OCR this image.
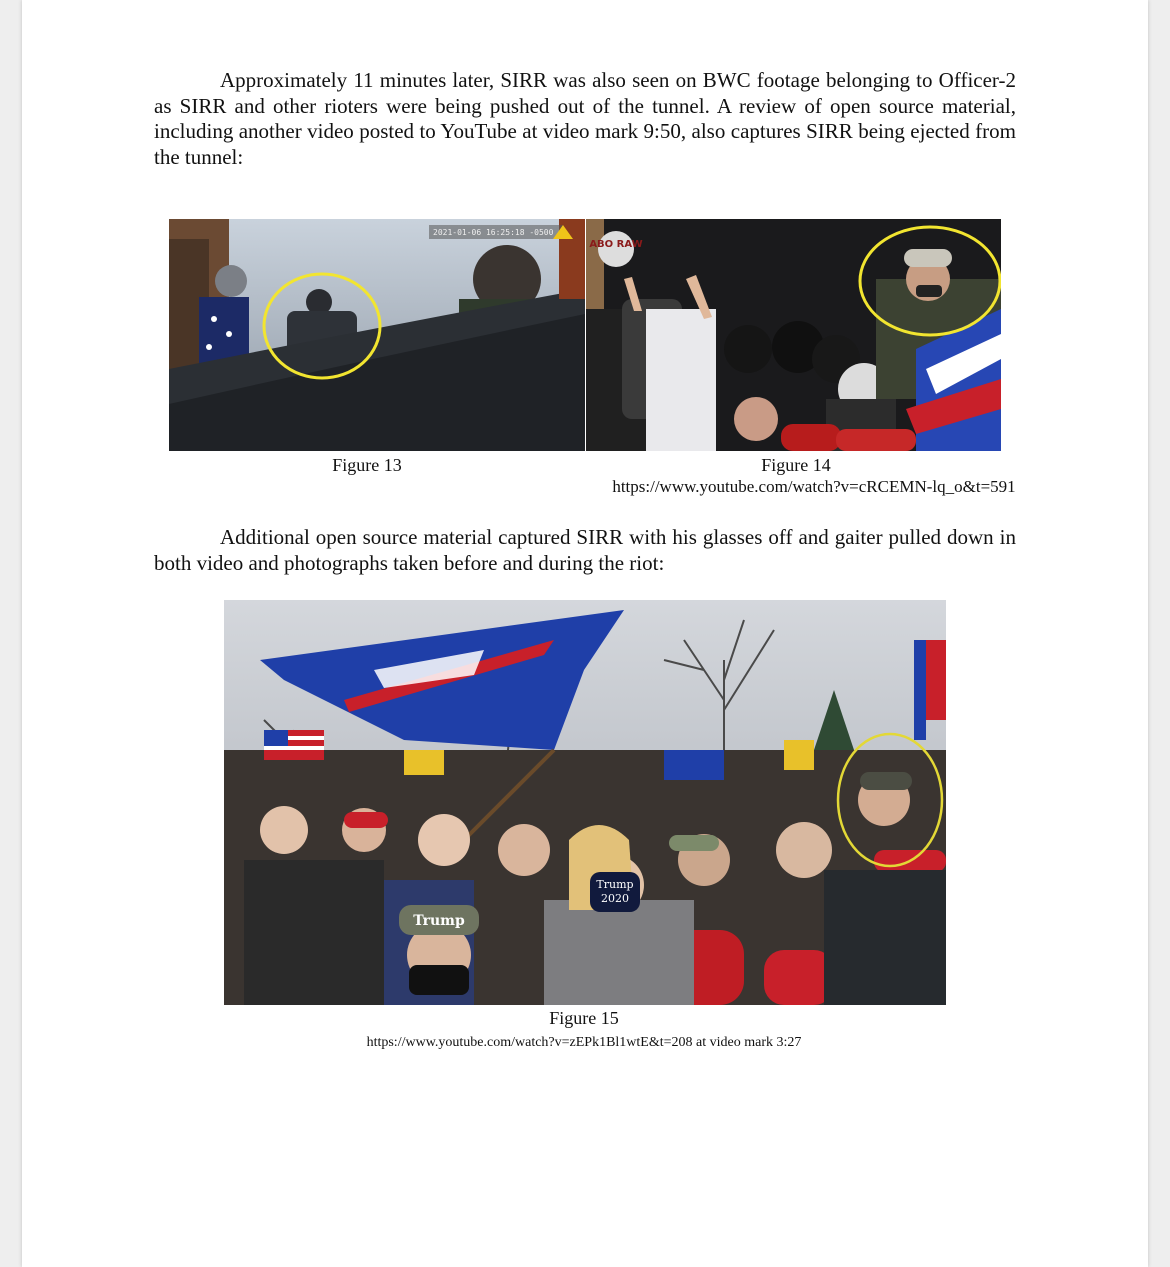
Approximately 11 minutes later, SIRR was also seen on BWC footage belonging to Officer-2 as SIRR and other rioters were being pushed out of the tunnel. A review of open source material, including another video posted to YouTube at video mark 9:50, also captures SIRR being ejected from the tunnel:

2021-01-06 16:25:18 -0500
ABO RAW
Figure 13	Figure 14
https://www.youtube.com/watch?v=cRCEMN-lq_o&t=591

Additional open source material captured SIRR with his glasses off and gaiter pulled down in both video and photographs taken before and during the riot:

Trump
2020
Trump
Figure 15
https://www.youtube.com/watch?v=zEPk1Bl1wtE&t=208 at video mark 3:27
